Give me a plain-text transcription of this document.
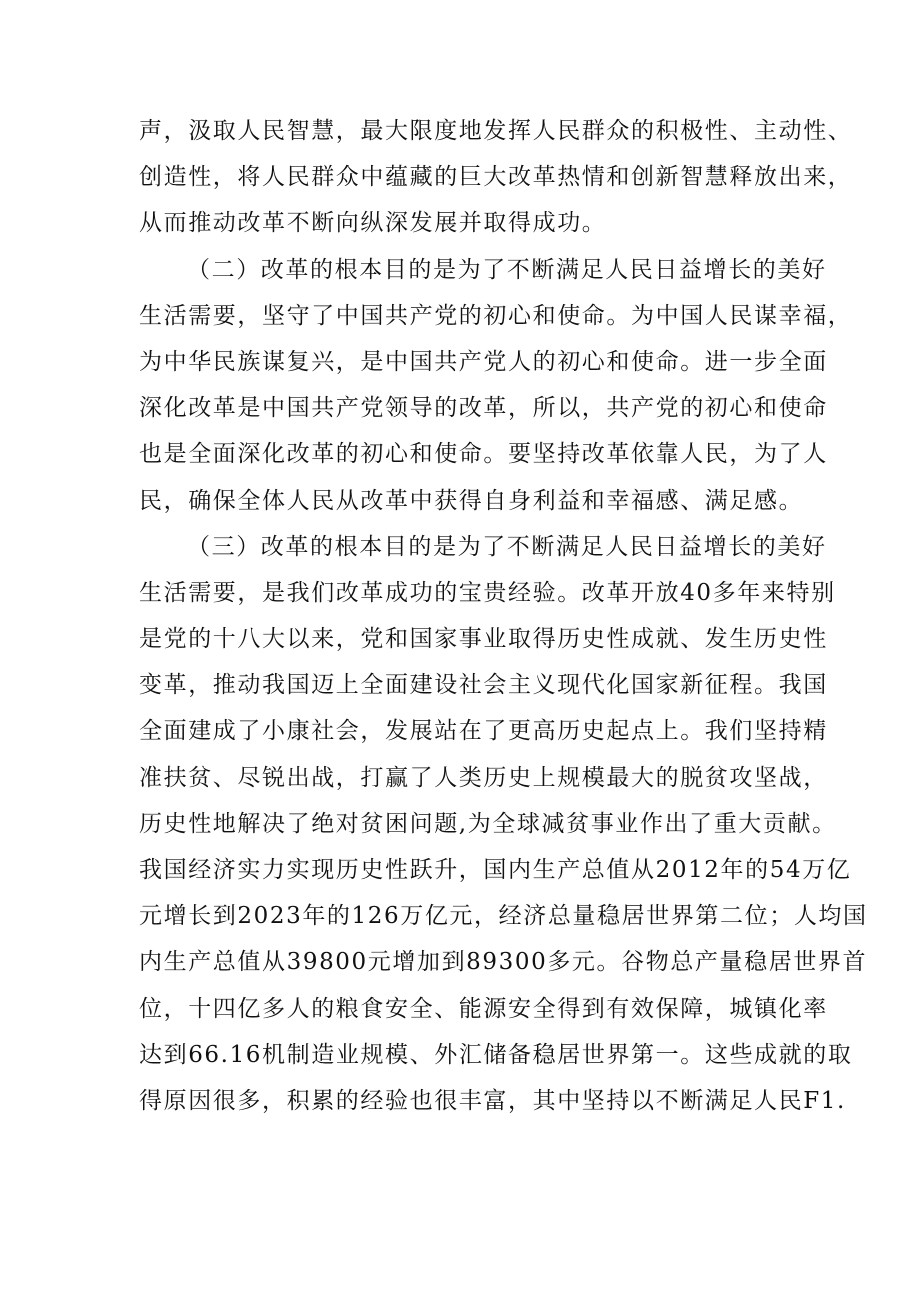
声，汲取人民智慧，最大限度地发挥人民群众的积极性、主动性、
创造性，将人民群众中蕴藏的巨大改革热情和创新智慧释放出来，
从而推动改革不断向纵深发展并取得成功。
（二）改革的根本目的是为了不断满足人民日益增长的美好
生活需要，坚守了中国共产党的初心和使命。为中国人民谋幸福，
为中华民族谋复兴，是中国共产党人的初心和使命。进一步全面
深化改革是中国共产党领导的改革，所以，共产党的初心和使命
也是全面深化改革的初心和使命。要坚持改革依靠人民，为了人
民，确保全体人民从改革中获得自身利益和幸福感、满足感。
（三）改革的根本目的是为了不断满足人民日益增长的美好
生活需要，是我们改革成功的宝贵经验。改革开放40多年来特别
是党的十八大以来，党和国家事业取得历史性成就、发生历史性
变革，推动我国迈上全面建设社会主义现代化国家新征程。我国
全面建成了小康社会，发展站在了更高历史起点上。我们坚持精
准扶贫、尽锐出战，打赢了人类历史上规模最大的脱贫攻坚战，
历史性地解决了绝对贫困问题,为全球减贫事业作出了重大贡献。
我国经济实力实现历史性跃升，国内生产总值从2012年的54万亿
元增长到2023年的126万亿元，经济总量稳居世界第二位；人均国
内生产总值从39800元增加到89300多元。谷物总产量稳居世界首
位，十四亿多人的粮食安全、能源安全得到有效保障，城镇化率
达到66.16机制造业规模、外汇储备稳居世界第一。这些成就的取
得原因很多，积累的经验也很丰富，其中坚持以不断满足人民F1.
